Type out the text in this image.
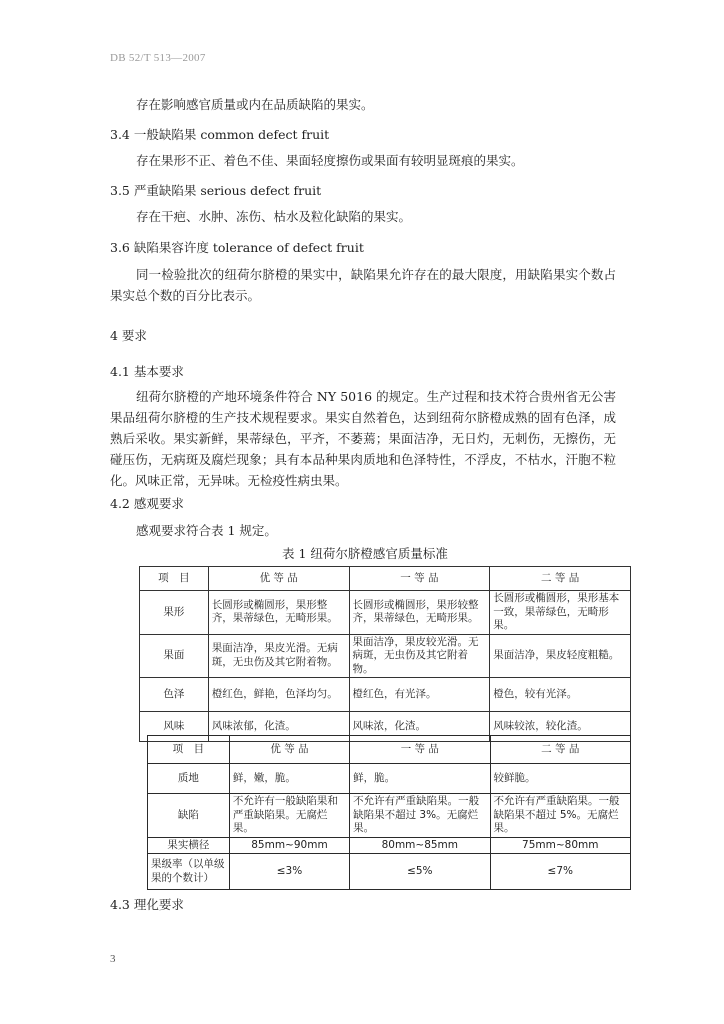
DB 52/T 513—2007
存在影响感官质量或内在品质缺陷的果实。
3.4 一般缺陷果 common defect fruit
存在果形不正、着色不佳、果面轻度擦伤或果面有较明显斑痕的果实。
3.5 严重缺陷果 serious defect fruit
存在干疤、水肿、冻伤、枯水及粒化缺陷的果实。
3.6 缺陷果容许度 tolerance of defect fruit
同一检验批次的纽荷尔脐橙的果实中，缺陷果允许存在的最大限度，用缺陷果实个数占果实总个数的百分比表示。
4 要求
4.1 基本要求
纽荷尔脐橙的产地环境条件符合 NY 5016 的规定。生产过程和技术符合贵州省无公害果品纽荷尔脐橙的生产技术规程要求。果实自然着色，达到纽荷尔脐橙成熟的固有色泽，成熟后采收。果实新鲜，果蒂绿色，平齐，不萎蔫；果面洁净，无日灼，无刺伤，无擦伤，无碰压伤，无病斑及腐烂现象；具有本品种果肉质地和色泽特性，不浮皮，不枯水，汗胞不粒化。风味正常，无异味。无检疫性病虫果。
4.2 感观要求
感观要求符合表 1 规定。
表 1 纽荷尔脐橙感官质量标准
项　目	优 等 品	一 等 品	二 等 品
果形	长圆形或椭圆形，果形整齐，果蒂绿色，无畸形果。	长圆形或椭圆形，果形较整齐，果蒂绿色，无畸形果。	长圆形或椭圆形，果形基本一致，果蒂绿色，无畸形果。
果面	果面洁净，果皮光滑。无病斑，无虫伤及其它附着物。	果面洁净，果皮较光滑。无病斑，无虫伤及其它附着物。	果面洁净，果皮轻度粗糙。
色泽	橙红色，鲜艳，色泽均匀。	橙红色，有光泽。	橙色，较有光泽。
风味	风味浓郁，化渣。	风味浓，化渣。	风味较浓，较化渣。
项　目	优 等 品	一 等 品	二 等 品
质地	鲜，嫩，脆。	鲜，脆。	较鲜脆。
缺陷	不允许有一般缺陷果和严重缺陷果。无腐烂果。	不允许有严重缺陷果。一般缺陷果不超过 3%。无腐烂果。	不允许有严重缺陷果。一般缺陷果不超过 5%。无腐烂果。
果实横径	85mm~90mm	80mm~85mm	75mm~80mm
果级率（以单级果的个数计）	≤3%	≤5%	≤7%
4.3 理化要求
3
